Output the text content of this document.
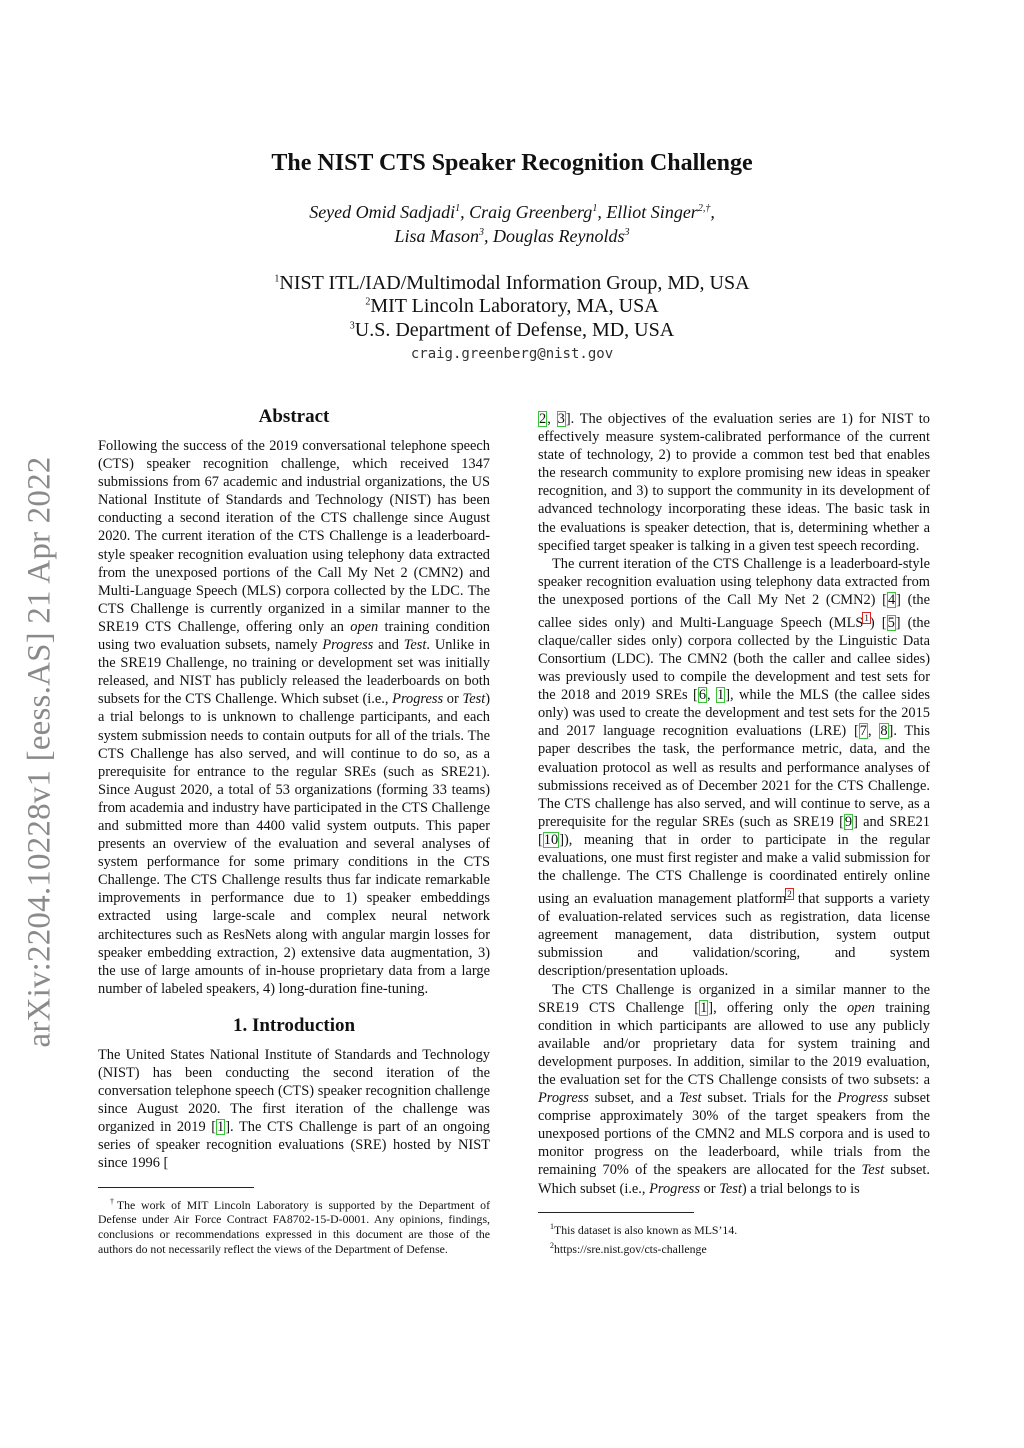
arXiv:2204.10228v1 [eess.AS] 21 Apr 2022
The NIST CTS Speaker Recognition Challenge
Seyed Omid Sadjadi$^1$, Craig Greenberg$^1$, Elliot Singer$^{2,\dagger}$,
Lisa Mason$^3$, Douglas Reynolds$^3$
$^1$NIST ITL/IAD/Multimodal Information Group, MD, USA
$^2$MIT Lincoln Laboratory, MA, USA
$^3$U.S. Department of Defense, MD, USA
craig.greenberg@nist.gov
Abstract

Following the success of the 2019 conversational telephone speech (CTS) speaker recognition challenge, which received 1347 submissions from 67 academic and industrial organizations, the US National Institute of Standards and Technology (NIST) has been conducting a second iteration of the CTS challenge since August 2020. The current iteration of the CTS Challenge is a leaderboard-style speaker recognition evaluation using telephony data extracted from the unexposed portions of the Call My Net 2 (CMN2) and Multi-Language Speech (MLS) corpora collected by the LDC. The CTS Challenge is currently organized in a similar manner to the SRE19 CTS Challenge, offering only an open training condition using two evaluation subsets, namely Progress and Test. Unlike in the SRE19 Challenge, no training or development set was initially released, and NIST has publicly released the leaderboards on both subsets for the CTS Challenge. Which subset (i.e., Progress or Test) a trial belongs to is unknown to challenge participants, and each system submission needs to contain outputs for all of the trials. The CTS Challenge has also served, and will continue to do so, as a prerequisite for entrance to the regular SREs (such as SRE21). Since August 2020, a total of 53 organizations (forming 33 teams) from academia and industry have participated in the CTS Challenge and submitted more than 4400 valid system outputs. This paper presents an overview of the evaluation and several analyses of system performance for some primary conditions in the CTS Challenge. The CTS Challenge results thus far indicate remarkable improvements in performance due to 1) speaker embeddings extracted using large-scale and complex neural network architectures such as ResNets along with angular margin losses for speaker embedding extraction, 2) extensive data augmentation, 3) the use of large amounts of in-house proprietary data from a large number of labeled speakers, 4) long-duration fine-tuning.

1. Introduction

The United States National Institute of Standards and Technology (NIST) has been conducting the second iteration of the conversation telephone speech (CTS) speaker recognition challenge since August 2020. The first iteration of the challenge was organized in 2019 [1]. The CTS Challenge is part of an ongoing series of speaker recognition evaluations (SRE) hosted by NIST since 1996 [

†The work of MIT Lincoln Laboratory is supported by the Department of Defense under Air Force Contract FA8702-15-D-0001. Any opinions, findings, conclusions or recommendations expressed in this document are those of the authors do not necessarily reflect the views of the Department of Defense.

2, 3]. The objectives of the evaluation series are 1) for NIST to effectively measure system-calibrated performance of the current state of technology, 2) to provide a common test bed that enables the research community to explore promising new ideas in speaker recognition, and 3) to support the community in its development of advanced technology incorporating these ideas. The basic task in the evaluations is speaker detection, that is, determining whether a specified target speaker is talking in a given test speech recording.

The current iteration of the CTS Challenge is a leaderboard-style speaker recognition evaluation using telephony data extracted from the unexposed portions of the Call My Net 2 (CMN2) [4] (the callee sides only) and Multi-Language Speech (MLS$^1$) [5] (the claque/caller sides only) corpora collected by the Linguistic Data Consortium (LDC). The CMN2 (both the caller and callee sides) was previously used to compile the development and test sets for the 2018 and 2019 SREs [6, 1], while the MLS (the callee sides only) was used to create the development and test sets for the 2015 and 2017 language recognition evaluations (LRE) [7, 8]. This paper describes the task, the performance metric, data, and the evaluation protocol as well as results and performance analyses of submissions received as of December 2021 for the CTS Challenge. The CTS challenge has also served, and will continue to serve, as a prerequisite for the regular SREs (such as SRE19 [9] and SRE21 [10]), meaning that in order to participate in the regular evaluations, one must first register and make a valid submission for the challenge. The CTS Challenge is coordinated entirely online using an evaluation management platform$^2$ that supports a variety of evaluation-related services such as registration, data license agreement management, data distribution, system output submission and validation/scoring, and system description/presentation uploads.

The CTS Challenge is organized in a similar manner to the SRE19 CTS Challenge [1], offering only the open training condition in which participants are allowed to use any publicly available and/or proprietary data for system training and development purposes. In addition, similar to the 2019 evaluation, the evaluation set for the CTS Challenge consists of two subsets: a Progress subset, and a Test subset. Trials for the Progress subset comprise approximately 30% of the target speakers from the unexposed portions of the CMN2 and MLS corpora and is used to monitor progress on the leaderboard, while trials from the remaining 70% of the speakers are allocated for the Test subset. Which subset (i.e., Progress or Test) a trial belongs to is

$^1$This dataset is also known as MLS’14.
$^2$https://sre.nist.gov/cts-challenge
